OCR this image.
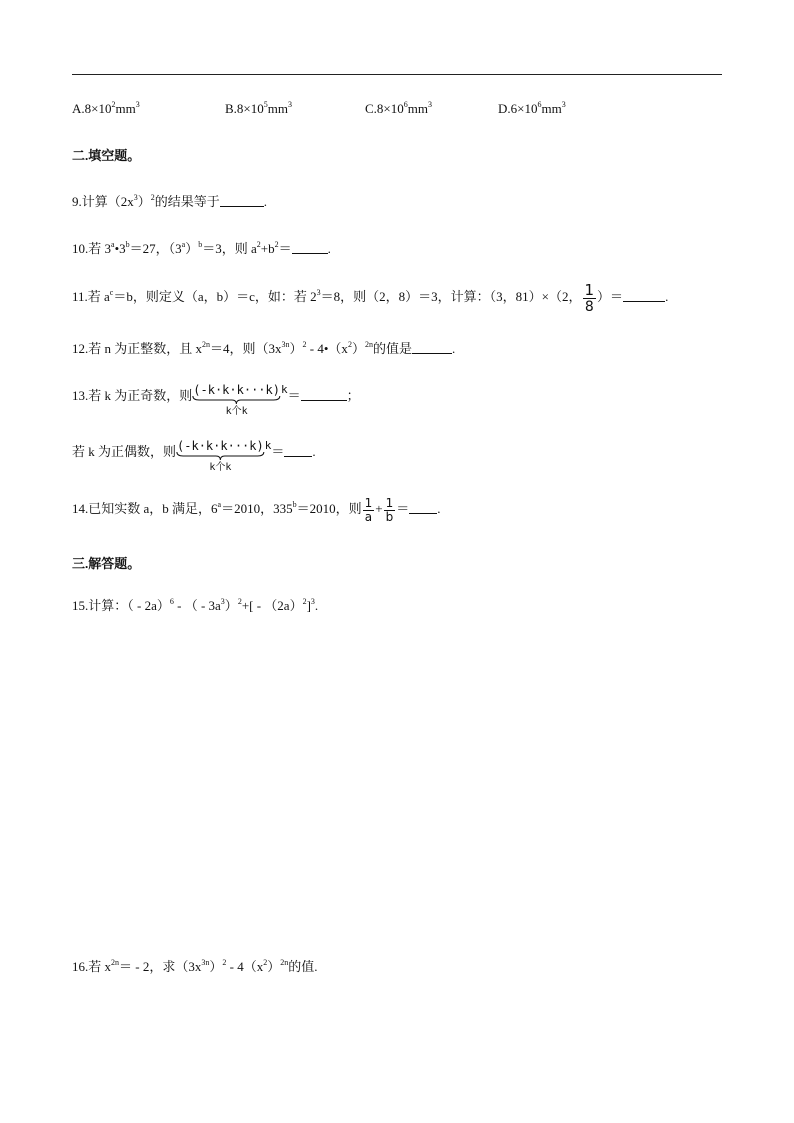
$A.8\times 10^2mm^3$	$B.8\times 10^5mm^3$	$C.8\times 10^6mm^3$	$D.6\times 10^6mm^3$
二.填空题。
9.计算$(2x^3)^2$的结果等于	.
10.若 $3^a•3^b=27$，$(3^a)^b=3$，则 $a^2+b^2=$	.
11.若 $a^c=b$，则定义（a，b）＝c，如：若 $2^3=8$，则（2，8）＝3，计算：（3，81）×（2， $\frac{1}{8}$ ）＝	.
12.若 n 为正整数，且 $x^{2n}=4$，则$(3x^{3n})^2$ - $4•(x^2)^{2n}$的值是	.
13.若 k 为正奇数，则(-k·k·k···k)
k个k
$^k$＝	；
若 k 为正偶数，则(-k·k·k···k)
k个k
$^k$＝ .
14.已知实数 a，b 满足，$6^a=2010$，$335^b=2010$，则 $\frac{1}{a} + \frac{1}{b}$ ＝ .
三.解答题。
15.计算：（ - 2a）$^6$ - （ - $3a^3)^2+[ - (2a)^2]^3$.
16.若 $x^{2n}= - 2$，求$(3x^{3n})^2 - 4(x^2)^{2n}$的值.
